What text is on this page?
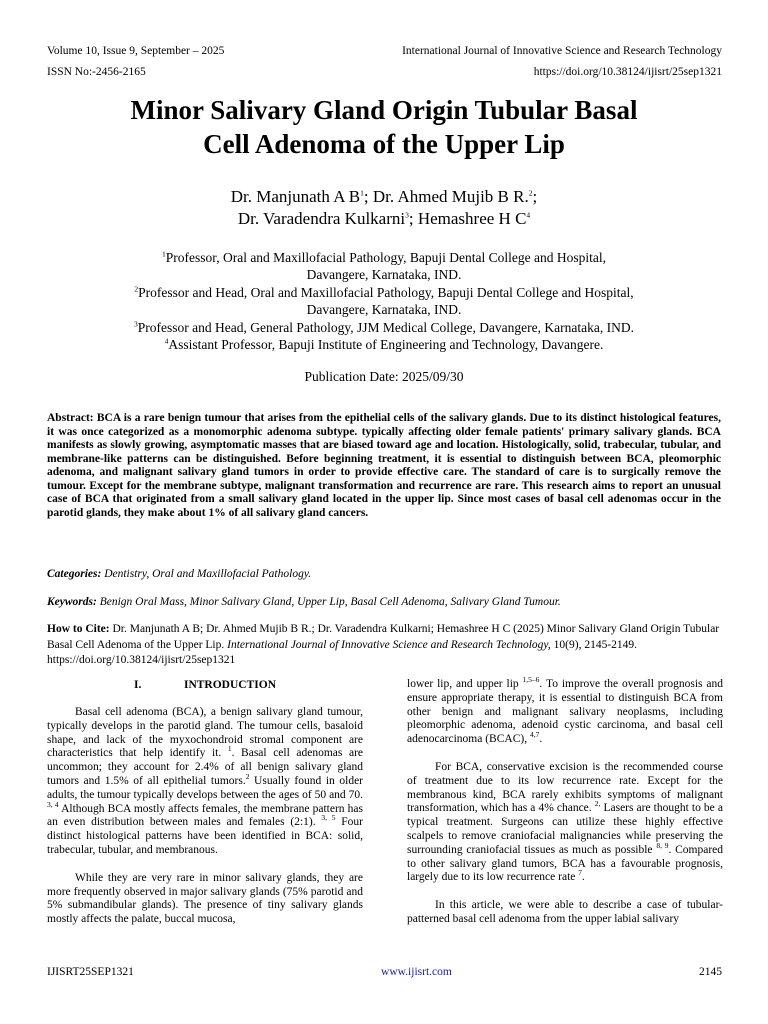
Volume 10, Issue 9, September – 2025	International Journal of Innovative Science and Research Technology
ISSN No:-2456-2165	https://doi.org/10.38124/ijisrt/25sep1321
Minor Salivary Gland Origin Tubular Basal
Cell Adenoma of the Upper Lip
Dr. Manjunath A $B^1$; Dr. Ahmed Mujib B R.$^2$;
Dr. Varadendra Kulkarni$^3$; Hemashree H $C^4$
$^1$Professor, Oral and Maxillofacial Pathology, Bapuji Dental College and Hospital,
Davangere, Karnataka, IND.
$^2$Professor and Head, Oral and Maxillofacial Pathology, Bapuji Dental College and Hospital,
Davangere, Karnataka, IND.
$^3$Professor and Head, General Pathology, JJM Medical College, Davangere, Karnataka, IND.
$^4$Assistant Professor, Bapuji Institute of Engineering and Technology, Davangere.
Publication Date: 2025/09/30
Abstract: BCA is a rare benign tumour that arises from the epithelial cells of the salivary glands. Due to its distinct histological features, it was once categorized as a monomorphic adenoma subtype. typically affecting older female patients' primary salivary glands. BCA manifests as slowly growing, asymptomatic masses that are biased toward age and location. Histologically, solid, trabecular, tubular, and membrane-like patterns can be distinguished. Before beginning treatment, it is essential to distinguish between BCA, pleomorphic adenoma, and malignant salivary gland tumors in order to provide effective care. The standard of care is to surgically remove the tumour. Except for the membrane subtype, malignant transformation and recurrence are rare. This research aims to report an unusual case of BCA that originated from a small salivary gland located in the upper lip. Since most cases of basal cell adenomas occur in the parotid glands, they make about 1% of all salivary gland cancers.
Categories: Dentistry, Oral and Maxillofacial Pathology.
Keywords: Benign Oral Mass, Minor Salivary Gland, Upper Lip, Basal Cell Adenoma, Salivary Gland Tumour.
How to Cite: Dr. Manjunath A B; Dr. Ahmed Mujib B R.; Dr. Varadendra Kulkarni; Hemashree H C (2025) Minor Salivary Gland Origin Tubular Basal Cell Adenoma of the Upper Lip. International Journal of Innovative Science and Research Technology, 10(9), 2145-2149. https://doi.org/10.38124/ijisrt/25sep1321
I.	INTRODUCTION

Basal cell adenoma (BCA), a benign salivary gland tumour, typically develops in the parotid gland. The tumour cells, basaloid shape, and lack of the myxochondroid stromal component are characteristics that help identify it. $^1$. Basal cell adenomas are uncommon; they account for 2.4% of all benign salivary gland tumors and 1.5% of all epithelial tumors.$^2$ Usually found in older adults, the tumour typically develops between the ages of 50 and 70. $^{3, 4}$ Although BCA mostly affects females, the membrane pattern has an even distribution between males and females (2:1). $^{3, 5}$ Four distinct histological patterns have been identified in BCA: solid, trabecular, tubular, and membranous.

While they are very rare in minor salivary glands, they are more frequently observed in major salivary glands (75% parotid and 5% submandibular glands). The presence of tiny salivary glands mostly affects the palate, buccal mucosa,

lower lip, and upper lip $^{1,5-6}$. To improve the overall prognosis and ensure appropriate therapy, it is essential to distinguish BCA from other benign and malignant salivary neoplasms, including pleomorphic adenoma, adenoid cystic carcinoma, and basal cell adenocarcinoma (BCAC), $^{4,7}$.

For BCA, conservative excision is the recommended course of treatment due to its low recurrence rate. Except for the membranous kind, BCA rarely exhibits symptoms of malignant transformation, which has a 4% chance. $^{2,}$ Lasers are thought to be a typical treatment. Surgeons can utilize these highly effective scalpels to remove craniofacial malignancies while preserving the surrounding craniofacial tissues as much as possible $^{8, 9}$. Compared to other salivary gland tumors, BCA has a favourable prognosis, largely due to its low recurrence rate $^7$.

In this article, we were able to describe a case of tubular-patterned basal cell adenoma from the upper labial salivary

IJISRT25SEP1321	www.ijisrt.com	2145
